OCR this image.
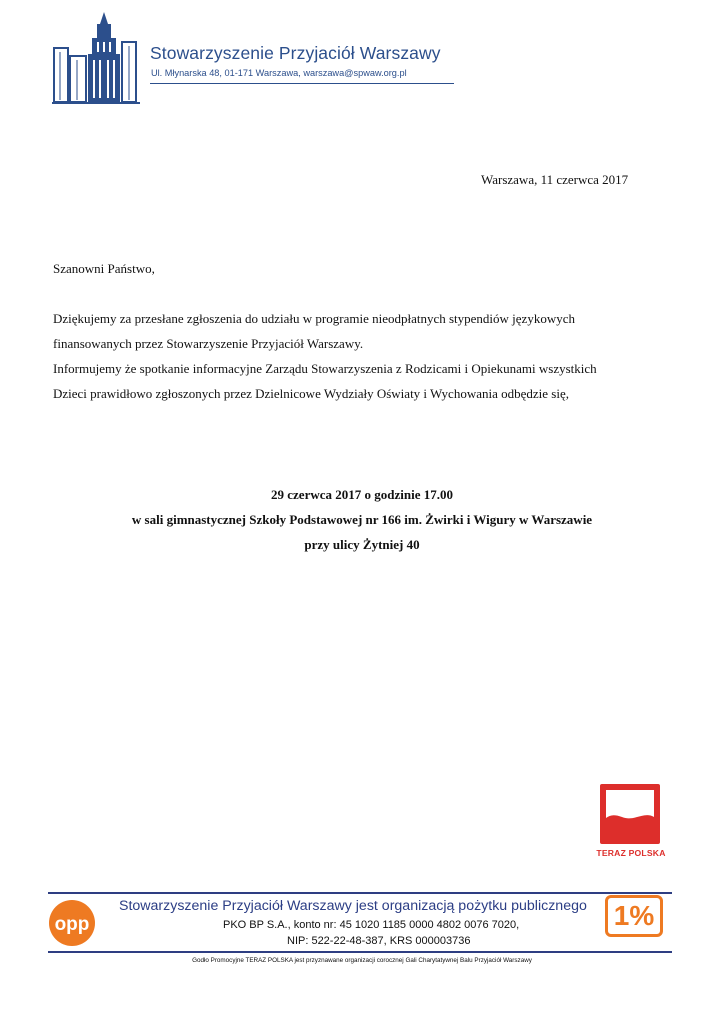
Stowarzyszenie Przyjaciół Warszawy
Ul. Młynarska 48, 01-171 Warszawa, warszawa@spwaw.org.pl
Warszawa, 11 czerwca 2017
Szanowni Państwo,
Dziękujemy za przesłane zgłoszenia do udziału w programie nieodpłatnych stypendiów językowych
finansowanych przez Stowarzyszenie Przyjaciół Warszawy.
Informujemy że spotkanie informacyjne Zarządu Stowarzyszenia z Rodzicami i Opiekunami wszystkich
Dzieci prawidłowo zgłoszonych przez Dzielnicowe Wydziały Oświaty i Wychowania odbędzie się,
29 czerwca 2017 o godzinie 17.00
w sali gimnastycznej Szkoły Podstawowej nr 166 im. Żwirki i Wigury w Warszawie
przy ulicy Żytniej 40
TERAZ POLSKA
opp
Stowarzyszenie Przyjaciół Warszawy jest organizacją pożytku publicznego
PKO BP S.A., konto nr: 45 1020 1185 0000 4802 0076 7020,
NIP: 522-22-48-387, KRS 000003736
1%
Godło Promocyjne TERAZ POLSKA jest przyznawane organizacji corocznej Gali Charytatywnej Balu Przyjaciół Warszawy
